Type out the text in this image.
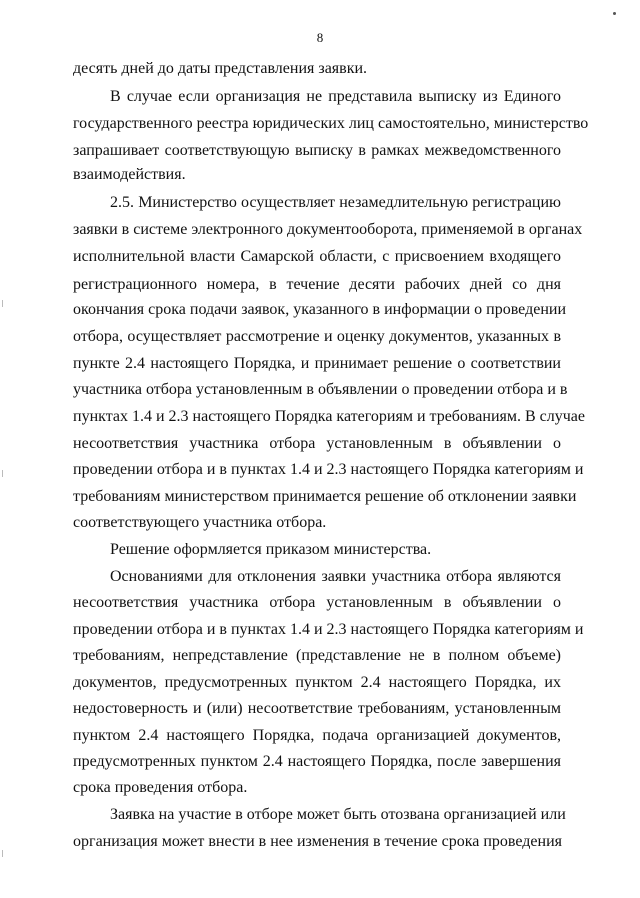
8
десять дней до даты представления заявки.
В случае если организация не представила выписку из Единого
государственного реестра юридических лиц самостоятельно, министерство
запрашивает соответствующую выписку в рамках межведомственного
взаимодействия.
2.5. Министерство осуществляет незамедлительную регистрацию
заявки в системе электронного документооборота, применяемой в органах
исполнительной власти Самарской области, с присвоением входящего
регистрационного номера, в течение десяти рабочих дней со дня
окончания срока подачи заявок, указанного в информации о проведении
отбора, осуществляет рассмотрение и оценку документов, указанных в
пункте 2.4 настоящего Порядка, и принимает решение о соответствии
участника отбора установленным в объявлении о проведении отбора и в
пунктах 1.4 и 2.3 настоящего Порядка категориям и требованиям. В случае
несоответствия участника отбора установленным в объявлении о
проведении отбора и в пунктах 1.4 и 2.3 настоящего Порядка категориям и
требованиям министерством принимается решение об отклонении заявки
соответствующего участника отбора.
Решение оформляется приказом министерства.
Основаниями для отклонения заявки участника отбора являются
несоответствия участника отбора установленным в объявлении о
проведении отбора и в пунктах 1.4 и 2.3 настоящего Порядка категориям и
требованиям, непредставление (представление не в полном объеме)
документов, предусмотренных пунктом 2.4 настоящего Порядка, их
недостоверность и (или) несоответствие требованиям, установленным
пунктом 2.4 настоящего Порядка, подача организацией документов,
предусмотренных пунктом 2.4 настоящего Порядка, после завершения
срока проведения отбора.
Заявка на участие в отборе может быть отозвана организацией или
организация может внести в нее изменения в течение срока проведения
